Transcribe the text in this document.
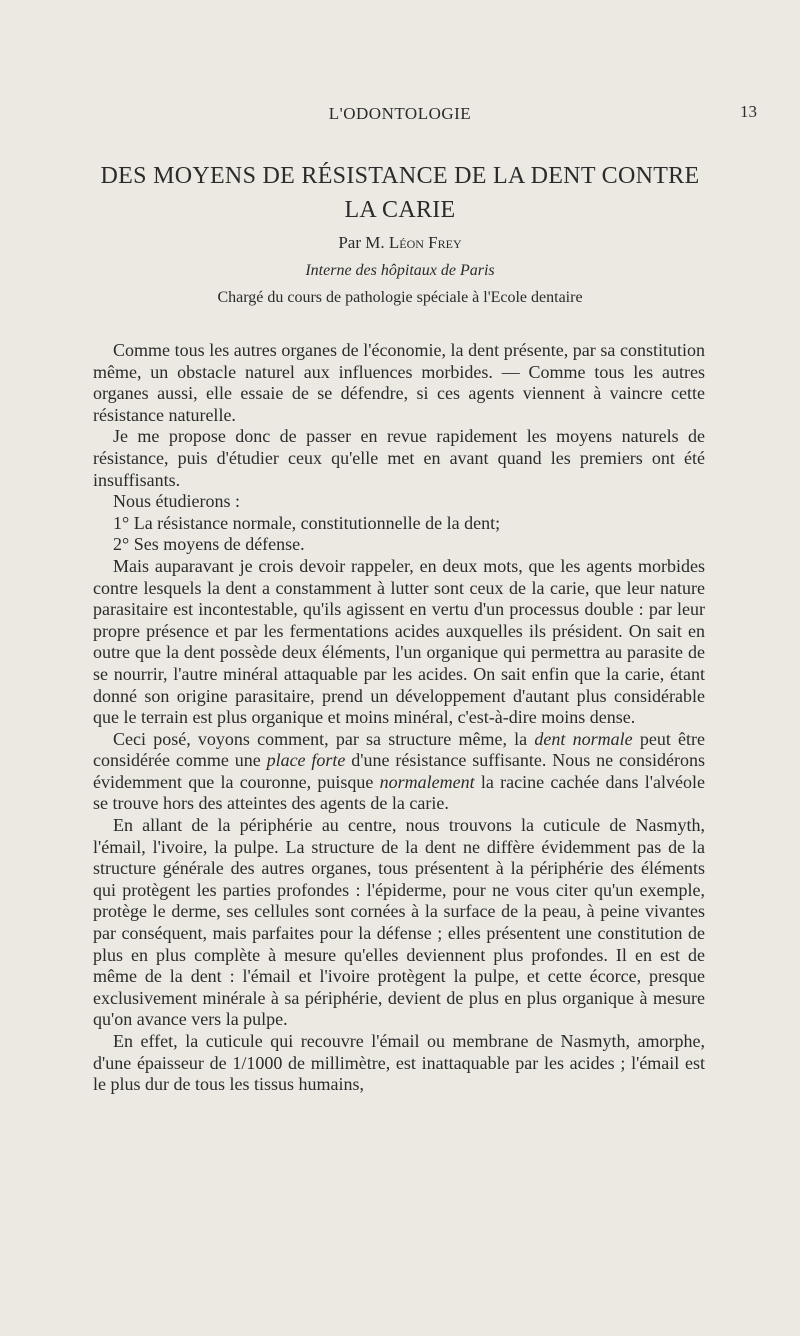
L'ODONTOLOGIE	13
DES MOYENS DE RÉSISTANCE DE LA DENT CONTRE
LA CARIE
Par M. Léon Frey
Interne des hôpitaux de Paris
Chargé du cours de pathologie spéciale à l'Ecole dentaire

Comme tous les autres organes de l'économie, la dent présente, par sa constitution même, un obstacle naturel aux influences morbides. — Comme tous les autres organes aussi, elle essaie de se défendre, si ces agents viennent à vaincre cette résistance naturelle.

Je me propose donc de passer en revue rapidement les moyens naturels de résistance, puis d'étudier ceux qu'elle met en avant quand les premiers ont été insuffisants.

Nous étudierons :

1° La résistance normale, constitutionnelle de la dent;

2° Ses moyens de défense.

Mais auparavant je crois devoir rappeler, en deux mots, que les agents morbides contre lesquels la dent a constamment à lutter sont ceux de la carie, que leur nature parasitaire est incontestable, qu'ils agissent en vertu d'un processus double : par leur propre présence et par les fermentations acides auxquelles ils président. On sait en outre que la dent possède deux éléments, l'un organique qui permettra au parasite de se nourrir, l'autre minéral attaquable par les acides. On sait enfin que la carie, étant donné son origine parasitaire, prend un développement d'autant plus considérable que le terrain est plus organique et moins minéral, c'est-à-dire moins dense.

Ceci posé, voyons comment, par sa structure même, la dent normale peut être considérée comme une place forte d'une résistance suffisante. Nous ne considérons évidemment que la couronne, puisque normalement la racine cachée dans l'alvéole se trouve hors des atteintes des agents de la carie.

En allant de la périphérie au centre, nous trouvons la cuticule de Nasmyth, l'émail, l'ivoire, la pulpe. La structure de la dent ne diffère évidemment pas de la structure générale des autres organes, tous présentent à la périphérie des éléments qui protègent les parties profondes : l'épiderme, pour ne vous citer qu'un exemple, protège le derme, ses cellules sont cornées à la surface de la peau, à peine vivantes par conséquent, mais parfaites pour la défense ; elles présentent une constitution de plus en plus complète à mesure qu'elles deviennent plus profondes. Il en est de même de la dent : l'émail et l'ivoire protègent la pulpe, et cette écorce, presque exclusivement minérale à sa périphérie, devient de plus en plus organique à mesure qu'on avance vers la pulpe.

En effet, la cuticule qui recouvre l'émail ou membrane de Nasmyth, amorphe, d'une épaisseur de 1/1000 de millimètre, est inattaquable par les acides ; l'émail est le plus dur de tous les tissus humains,
